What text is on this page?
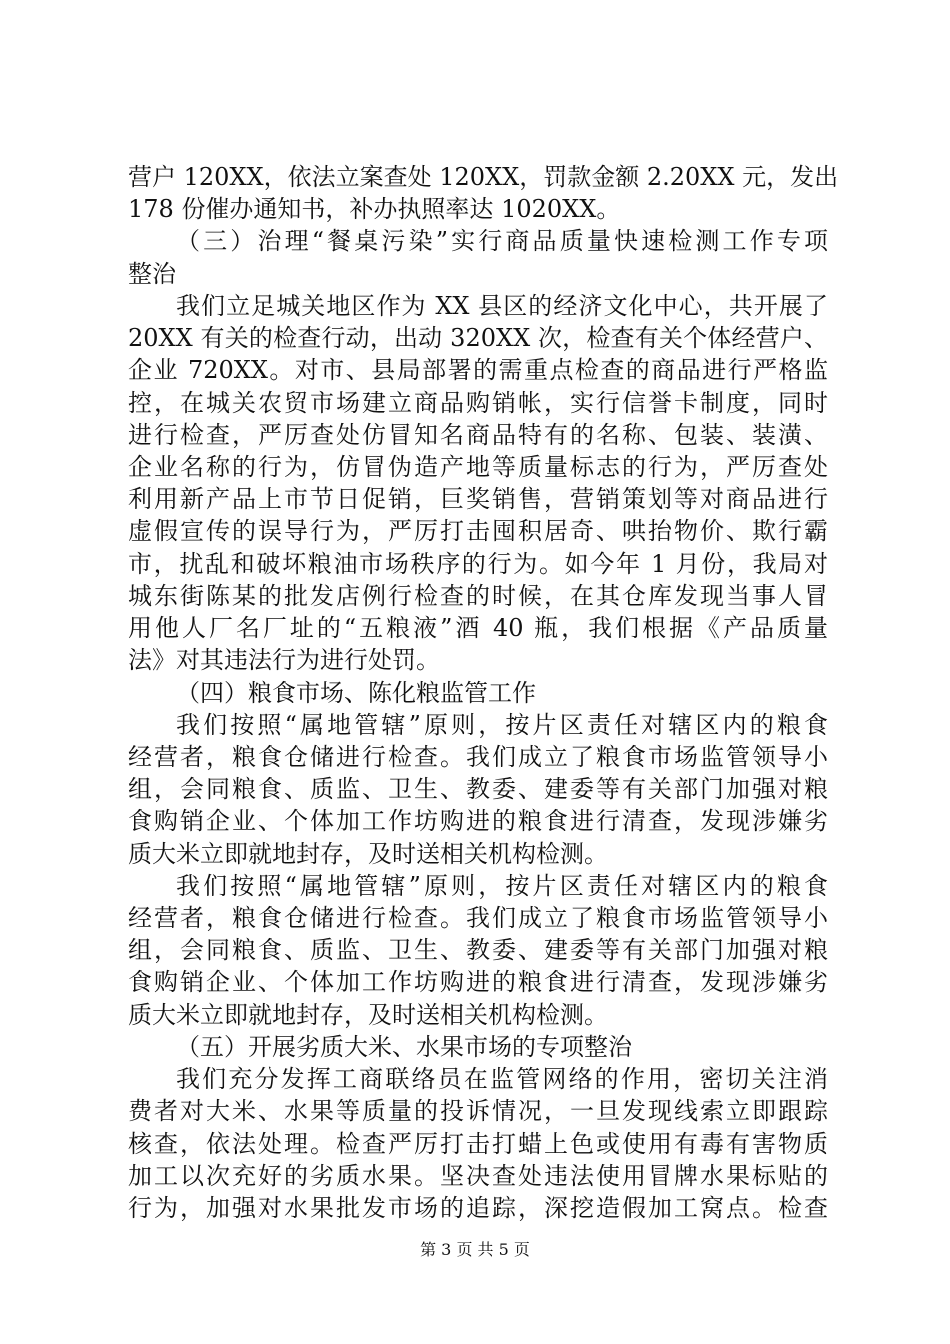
营户 120XX，依法立案查处 120XX，罚款金额 2.20XX 元，发出
178 份催办通知书，补办执照率达 1020XX。
（三）治理“餐桌污染”实行商品质量快速检测工作专项
整治
我们立足城关地区作为 XX 县区的经济文化中心，共开展了
20XX 有关的检查行动，出动 320XX 次，检查有关个体经营户、
企业 720XX。对市、县局部署的需重点检查的商品进行严格监
控，在城关农贸市场建立商品购销帐，实行信誉卡制度，同时
进行检查，严厉查处仿冒知名商品特有的名称、包装、装潢、
企业名称的行为，仿冒伪造产地等质量标志的行为，严厉查处
利用新产品上市节日促销，巨奖销售，营销策划等对商品进行
虚假宣传的误导行为，严厉打击囤积居奇、哄抬物价、欺行霸
市，扰乱和破坏粮油市场秩序的行为。如今年 1 月份，我局对
城东街陈某的批发店例行检查的时候，在其仓库发现当事人冒
用他人厂名厂址的“五粮液”酒 40 瓶，我们根据《产品质量
法》对其违法行为进行处罚。
（四）粮食市场、陈化粮监管工作
我们按照“属地管辖”原则，按片区责任对辖区内的粮食
经营者，粮食仓储进行检查。我们成立了粮食市场监管领导小
组，会同粮食、质监、卫生、教委、建委等有关部门加强对粮
食购销企业、个体加工作坊购进的粮食进行清查，发现涉嫌劣
质大米立即就地封存，及时送相关机构检测。
我们按照“属地管辖”原则，按片区责任对辖区内的粮食
经营者，粮食仓储进行检查。我们成立了粮食市场监管领导小
组，会同粮食、质监、卫生、教委、建委等有关部门加强对粮
食购销企业、个体加工作坊购进的粮食进行清查，发现涉嫌劣
质大米立即就地封存，及时送相关机构检测。
（五）开展劣质大米、水果市场的专项整治
我们充分发挥工商联络员在监管网络的作用，密切关注消
费者对大米、水果等质量的投诉情况，一旦发现线索立即跟踪
核查，依法处理。检查严厉打击打蜡上色或使用有毒有害物质
加工以次充好的劣质水果。坚决查处违法使用冒牌水果标贴的
行为，加强对水果批发市场的追踪，深挖造假加工窝点。检查
第 3 页 共 5 页
